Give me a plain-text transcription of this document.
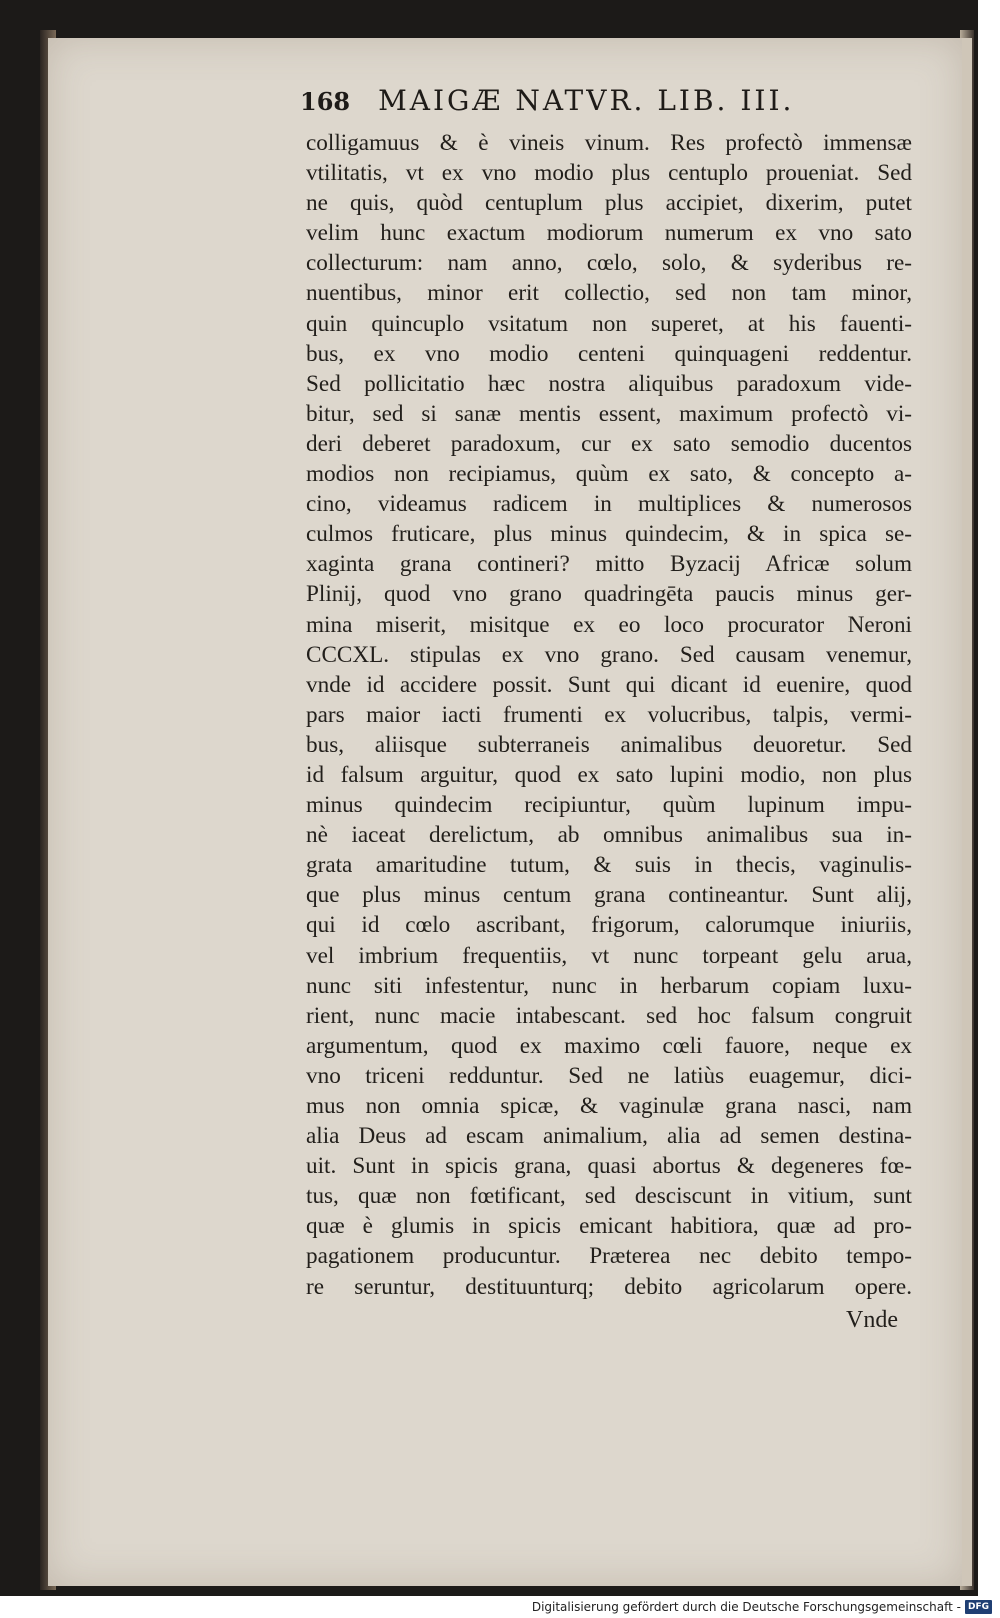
168 MAIGÆ NATVR. LIB. III.
colligamuus & è vineis vinum. Res profectò immensæ
vtilitatis, vt ex vno modio plus centuplo proueniat. Sed
ne quis, quòd centuplum plus accipiet, dixerim, putet
velim hunc exactum modiorum numerum ex vno sato
collecturum: nam anno, cœlo, solo, & syderibus re-
nuentibus, minor erit collectio, sed non tam minor,
quin quincuplo vsitatum non superet, at his fauenti-
bus, ex vno modio centeni quinquageni reddentur.
Sed pollicitatio hæc nostra aliquibus paradoxum vide-
bitur, sed si sanæ mentis essent, maximum profectò vi-
deri deberet paradoxum, cur ex sato semodio ducentos
modios non recipiamus, quùm ex sato, & concepto a-
cino, videamus radicem in multiplices & numerosos
culmos fruticare, plus minus quindecim, & in spica se-
xaginta grana contineri? mitto Byzacij Africæ solum
Plinij, quod vno grano quadringēta paucis minus ger-
mina miserit, misitque ex eo loco procurator Neroni
CCCXL. stipulas ex vno grano. Sed causam venemur,
vnde id accidere possit. Sunt qui dicant id euenire, quod
pars maior iacti frumenti ex volucribus, talpis, vermi-
bus, aliisque subterraneis animalibus deuoretur. Sed
id falsum arguitur, quod ex sato lupini modio, non plus
minus quindecim recipiuntur, quùm lupinum impu-
nè iaceat derelictum, ab omnibus animalibus sua in-
grata amaritudine tutum, & suis in thecis, vaginulis-
que plus minus centum grana contineantur. Sunt alij,
qui id cœlo ascribant, frigorum, calorumque iniuriis,
vel imbrium frequentiis, vt nunc torpeant gelu arua,
nunc siti infestentur, nunc in herbarum copiam luxu-
rient, nunc macie intabescant. sed hoc falsum congruit
argumentum, quod ex maximo cœli fauore, neque ex
vno triceni redduntur. Sed ne latiùs euagemur, dici-
mus non omnia spicæ, & vaginulæ grana nasci, nam
alia Deus ad escam animalium, alia ad semen destina-
uit. Sunt in spicis grana, quasi abortus & degeneres fœ-
tus, quæ non fœtificant, sed desciscunt in vitium, sunt
quæ è glumis in spicis emicant habitiora, quæ ad pro-
pagationem producuntur. Præterea nec debito tempo-
re seruntur, destituunturq; debito agricolarum opere.
Vnde
Digitalisierung gefördert durch die Deutsche Forschungsgemeinschaft - DFG
